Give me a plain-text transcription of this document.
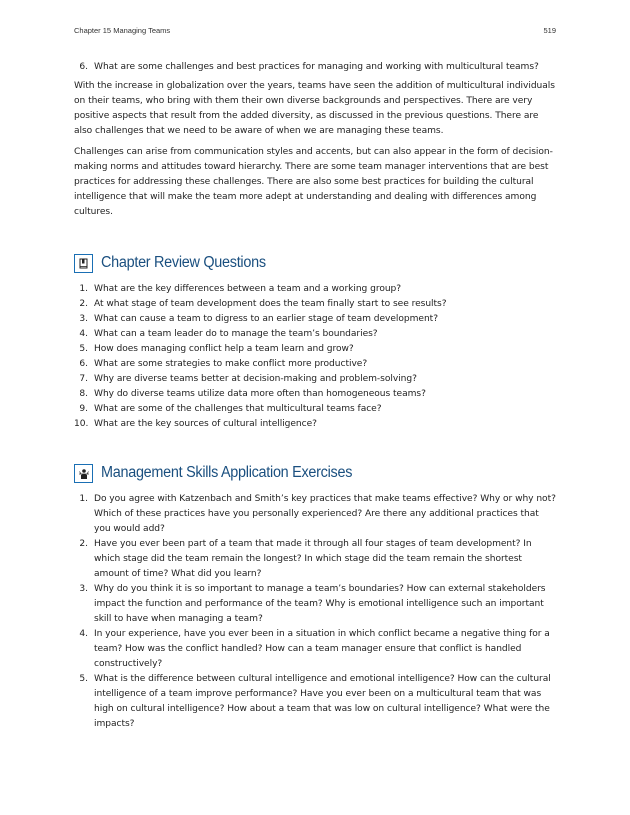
Chapter 15 Managing Teams	519
6. What are some challenges and best practices for managing and working with multicultural teams?

With the increase in globalization over the years, teams have seen the addition of multicultural individuals on their teams, who bring with them their own diverse backgrounds and perspectives. There are very positive aspects that result from the added diversity, as discussed in the previous questions. There are also challenges that we need to be aware of when we are managing these teams.

Challenges can arise from communication styles and accents, but can also appear in the form of decision-making norms and attitudes toward hierarchy. There are some team manager interventions that are best practices for addressing these challenges. There are also some best practices for building the cultural intelligence that will make the team more adept at understanding and dealing with differences among cultures.

Chapter Review Questions
1. What are the key differences between a team and a working group?
2. At what stage of team development does the team finally start to see results?
3. What can cause a team to digress to an earlier stage of team development?
4. What can a team leader do to manage the team’s boundaries?
5. How does managing conflict help a team learn and grow?
6. What are some strategies to make conflict more productive?
7. Why are diverse teams better at decision-making and problem-solving?
8. Why do diverse teams utilize data more often than homogeneous teams?
9. What are some of the challenges that multicultural teams face?
10. What are the key sources of cultural intelligence?
Management Skills Application Exercises
1. Do you agree with Katzenbach and Smith’s key practices that make teams effective? Why or why not? Which of these practices have you personally experienced? Are there any additional practices that you would add?
2. Have you ever been part of a team that made it through all four stages of team development? In which stage did the team remain the longest? In which stage did the team remain the shortest amount of time? What did you learn?
3. Why do you think it is so important to manage a team’s boundaries? How can external stakeholders impact the function and performance of the team? Why is emotional intelligence such an important skill to have when managing a team?
4. In your experience, have you ever been in a situation in which conflict became a negative thing for a team? How was the conflict handled? How can a team manager ensure that conflict is handled constructively?
5. What is the difference between cultural intelligence and emotional intelligence? How can the cultural intelligence of a team improve performance? Have you ever been on a multicultural team that was high on cultural intelligence? How about a team that was low on cultural intelligence? What were the impacts?
